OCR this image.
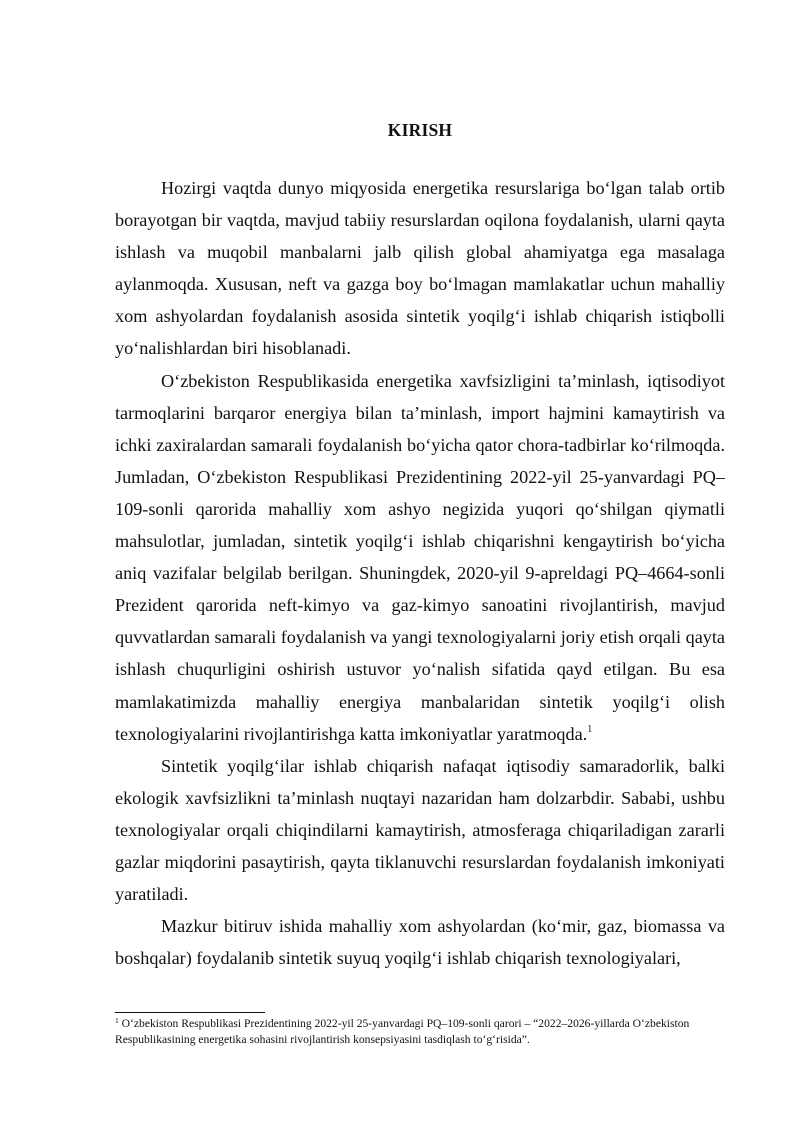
KIRISH

Hozirgi vaqtda dunyo miqyosida energetika resurslariga bo‘lgan talab ortib borayotgan bir vaqtda, mavjud tabiiy resurslardan oqilona foydalanish, ularni qayta ishlash va muqobil manbalarni jalb qilish global ahamiyatga ega masalaga aylanmoqda. Xususan, neft va gazga boy bo‘lmagan mamlakatlar uchun mahalliy xom ashyolardan foydalanish asosida sintetik yoqilg‘i ishlab chiqarish istiqbolli yo‘nalishlardan biri hisoblanadi.

O‘zbekiston Respublikasida energetika xavfsizligini ta’minlash, iqtisodiyot tarmoqlarini barqaror energiya bilan ta’minlash, import hajmini kamaytirish va ichki zaxiralardan samarali foydalanish bo‘yicha qator chora-tadbirlar ko‘rilmoqda. Jumladan, O‘zbekiston Respublikasi Prezidentining 2022-yil 25-yanvardagi PQ–109-sonli qarorida mahalliy xom ashyo negizida yuqori qo‘shilgan qiymatli mahsulotlar, jumladan, sintetik yoqilg‘i ishlab chiqarishni kengaytirish bo‘yicha aniq vazifalar belgilab berilgan. Shuningdek, 2020-yil 9-apreldagi PQ–4664-sonli Prezident qarorida neft-kimyo va gaz-kimyo sanoatini rivojlantirish, mavjud quvvatlardan samarali foydalanish va yangi texnologiyalarni joriy etish orqali qayta ishlash chuqurligini oshirish ustuvor yo‘nalish sifatida qayd etilgan. Bu esa mamlakatimizda mahalliy energiya manbalaridan sintetik yoqilg‘i olish texnologiyalarini rivojlantirishga katta imkoniyatlar yaratmoqda.$^1$

Sintetik yoqilg‘ilar ishlab chiqarish nafaqat iqtisodiy samaradorlik, balki ekologik xavfsizlikni ta’minlash nuqtayi nazaridan ham dolzarbdir. Sababi, ushbu texnologiyalar orqali chiqindilarni kamaytirish, atmosferaga chiqariladigan zararli gazlar miqdorini pasaytirish, qayta tiklanuvchi resurslardan foydalanish imkoniyati yaratiladi.

Mazkur bitiruv ishida mahalliy xom ashyolardan (ko‘mir, gaz, biomassa va boshqalar) foydalanib sintetik suyuq yoqilg‘i ishlab chiqarish texnologiyalari,

$^1$ O‘zbekiston Respublikasi Prezidentining 2022-yil 25-yanvardagi PQ–109-sonli qarori – “2022–2026-yillarda O‘zbekiston Respublikasining energetika sohasini rivojlantirish konsepsiyasini tasdiqlash to‘g‘risida”.
